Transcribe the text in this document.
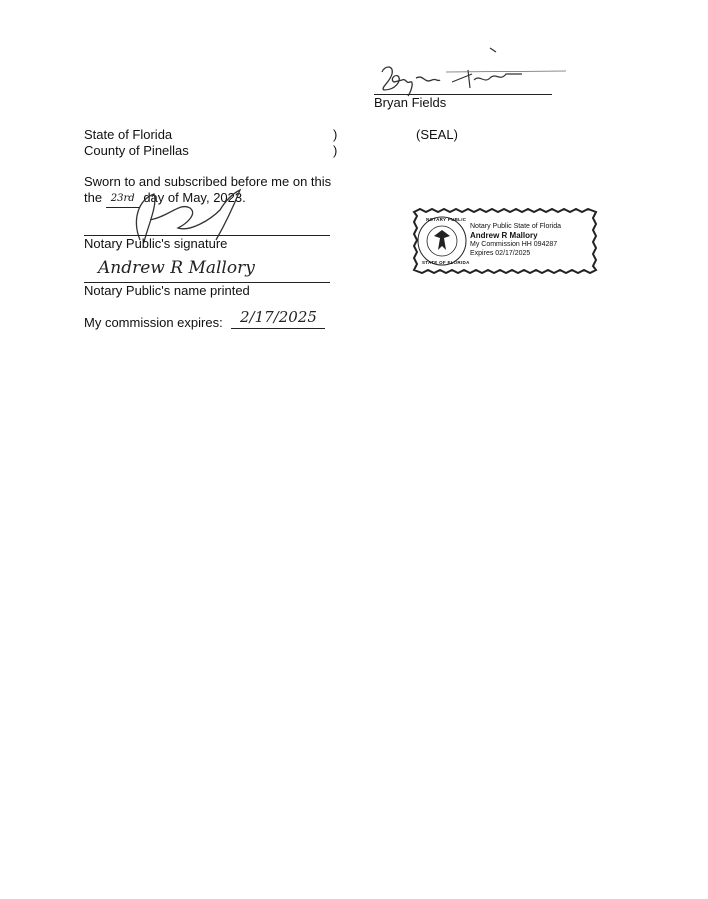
Bryan Fields
State of Florida	)	(SEAL)
County of Pinellas	)
Sworn to and subscribed before me on this
the 23rd day of May, 2023.
Notary Public's signature
Andrew R Mallory
Notary Public's name printed
My commission expires: 2/17/2025
NOTARY PUBLIC
STATE OF FLORIDA
Notary Public State of Florida
Andrew R Mallory
My Commission HH 094287
Expires 02/17/2025
